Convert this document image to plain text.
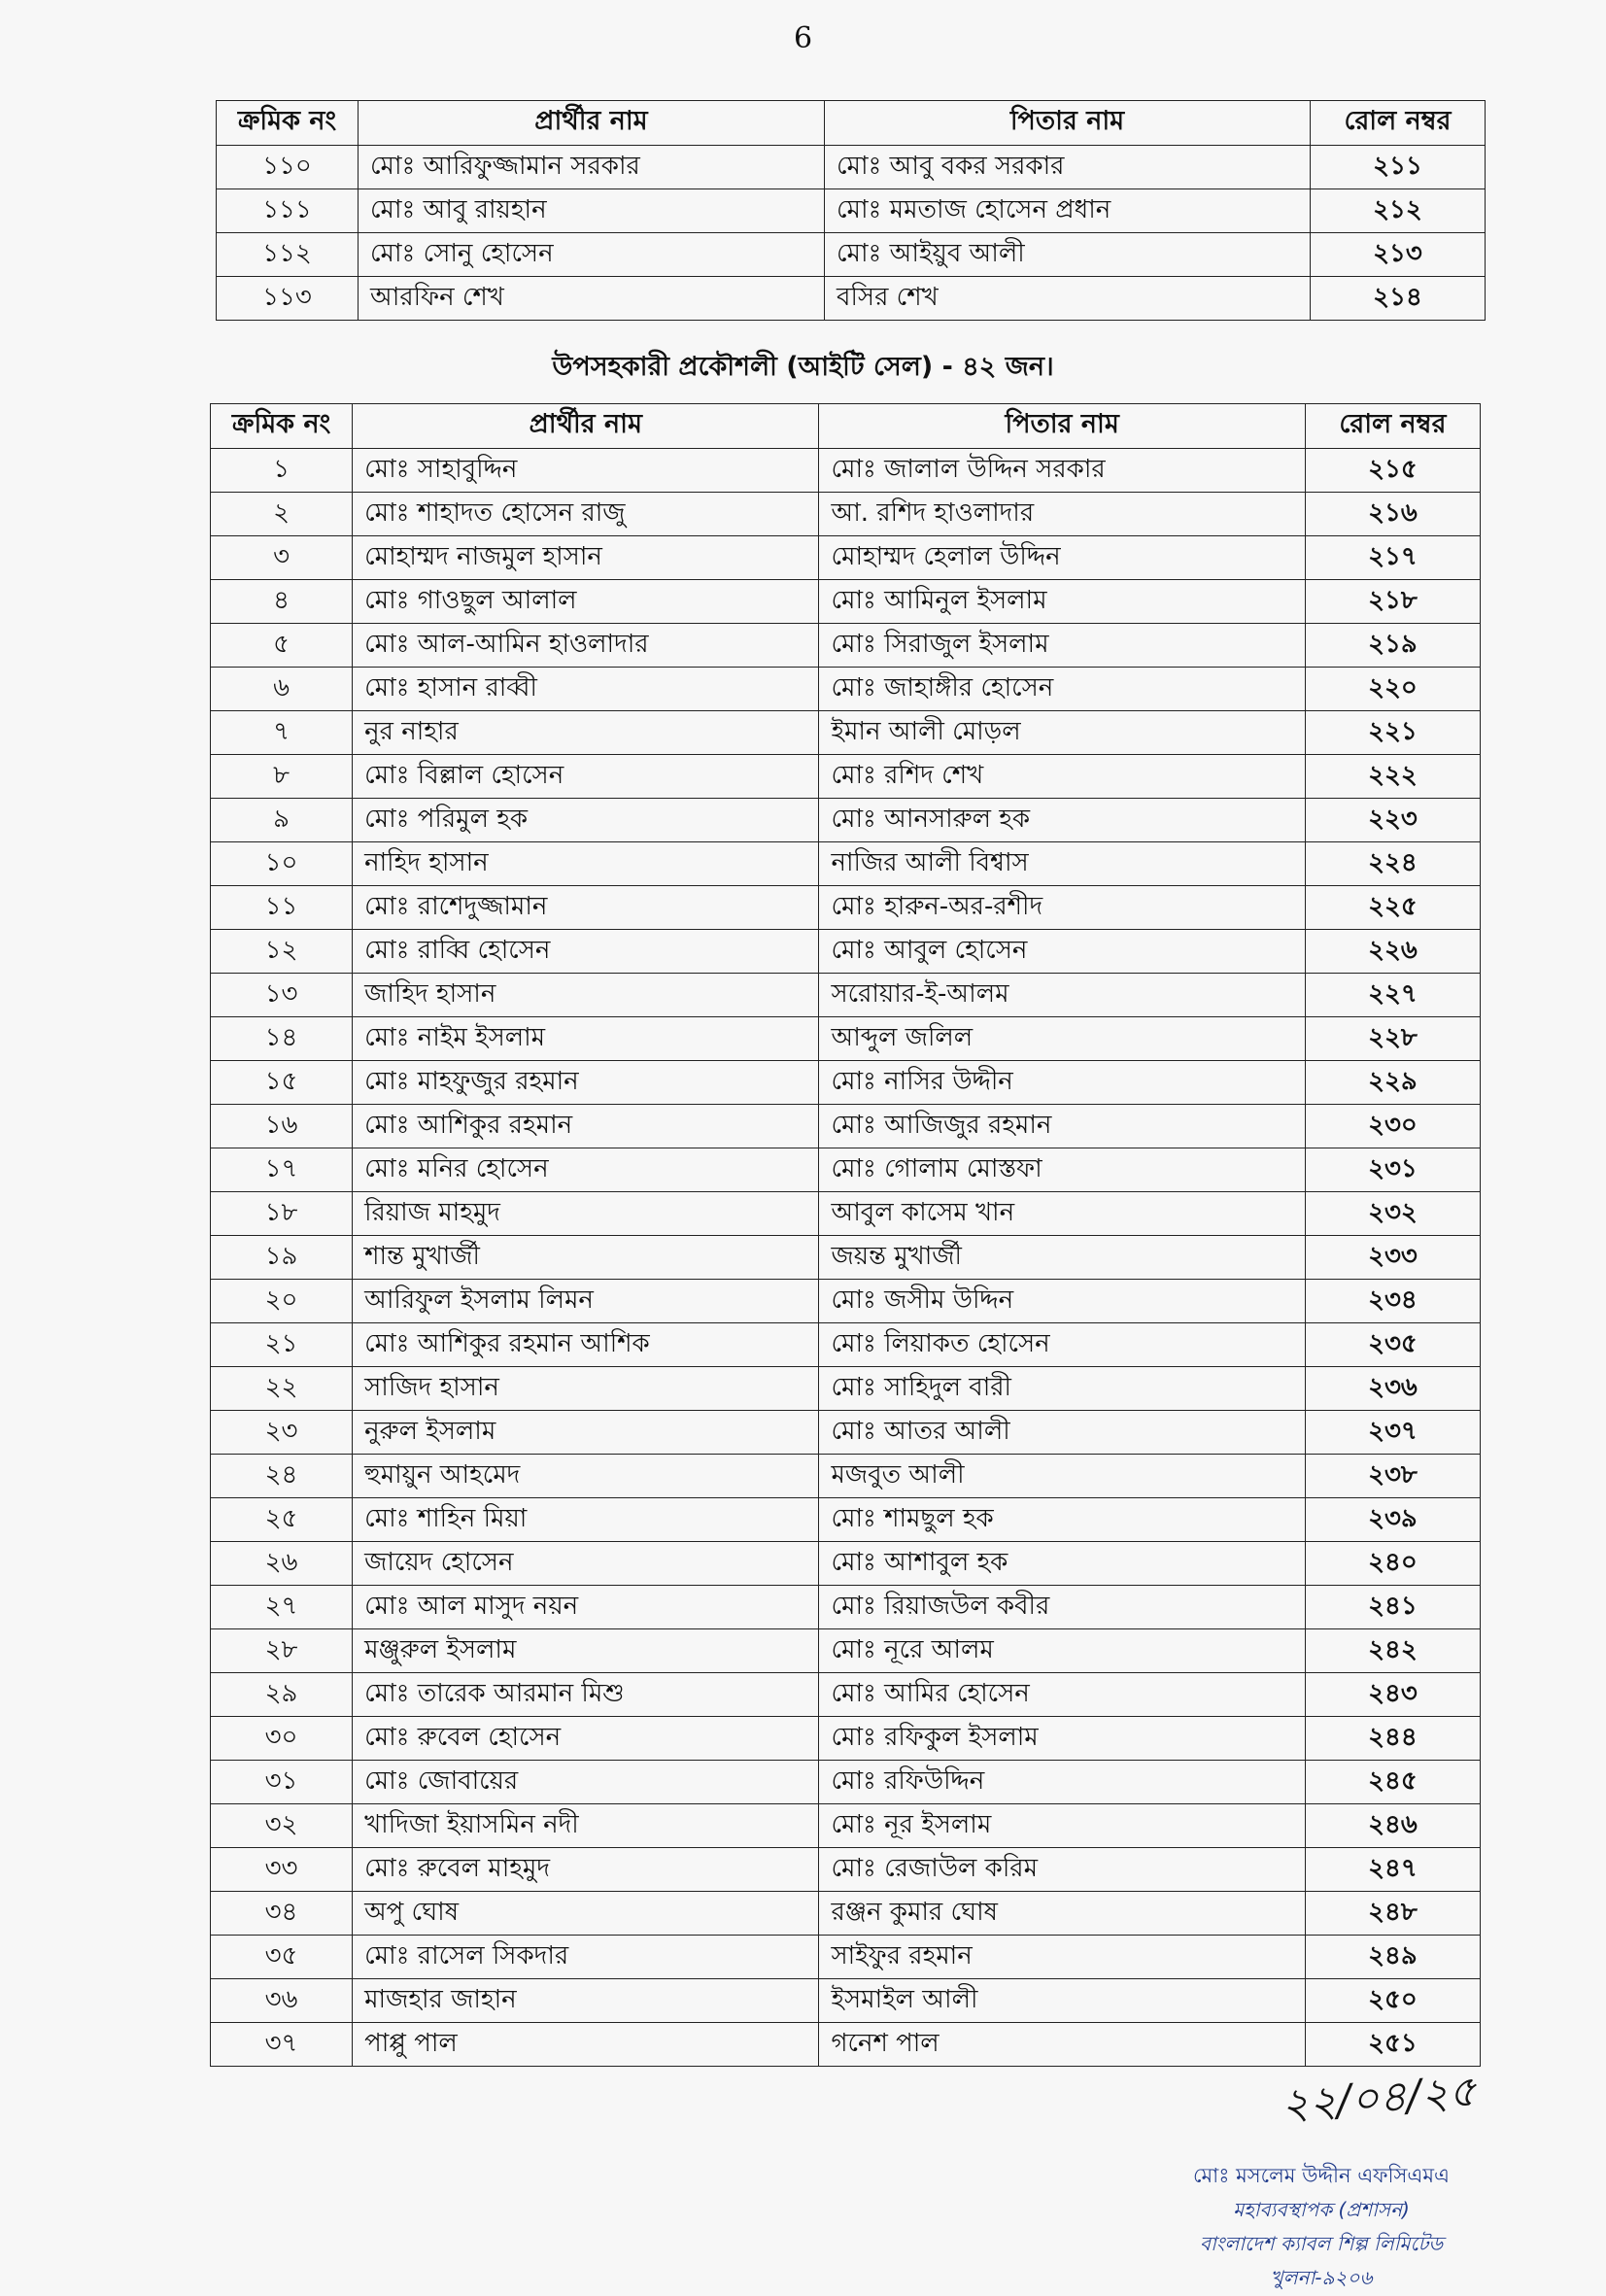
6
ক্রমিক নং	প্রার্থীর নাম	পিতার নাম	রোল নম্বর
১১০	মোঃ আরিফুজ্জামান সরকার	মোঃ আবু বকর সরকার	২১১
১১১	মোঃ আবু রায়হান	মোঃ মমতাজ হোসেন প্রধান	২১২
১১২	মোঃ সোনু হোসেন	মোঃ আইয়ুব আলী	২১৩
১১৩	আরফিন শেখ	বসির শেখ	২১৪
উপসহকারী প্রকৌশলী (আইটি সেল) - ৪২ জন।
ক্রমিক নং	প্রার্থীর নাম	পিতার নাম	রোল নম্বর
১	মোঃ সাহাবুদ্দিন	মোঃ জালাল উদ্দিন সরকার	২১৫
২	মোঃ শাহাদত হোসেন রাজু	আ. রশিদ হাওলাদার	২১৬
৩	মোহাম্মদ নাজমুল হাসান	মোহাম্মদ হেলাল উদ্দিন	২১৭
৪	মোঃ গাওছুল আলাল	মোঃ আমিনুল ইসলাম	২১৮
৫	মোঃ আল-আমিন হাওলাদার	মোঃ সিরাজুল ইসলাম	২১৯
৬	মোঃ হাসান রাব্বী	মোঃ জাহাঙ্গীর হোসেন	২২০
৭	নুর নাহার	ইমান আলী মোড়ল	২২১
৮	মোঃ বিল্লাল হোসেন	মোঃ রশিদ শেখ	২২২
৯	মোঃ পরিমুল হক	মোঃ আনসারুল হক	২২৩
১০	নাহিদ হাসান	নাজির আলী বিশ্বাস	২২৪
১১	মোঃ রাশেদুজ্জামান	মোঃ হারুন-অর-রশীদ	২২৫
১২	মোঃ রাব্বি হোসেন	মোঃ আবুল হোসেন	২২৬
১৩	জাহিদ হাসান	সরোয়ার-ই-আলম	২২৭
১৪	মোঃ নাইম ইসলাম	আব্দুল জলিল	২২৮
১৫	মোঃ মাহফুজুর রহমান	মোঃ নাসির উদ্দীন	২২৯
১৬	মোঃ আশিকুর রহমান	মোঃ আজিজুর রহমান	২৩০
১৭	মোঃ মনির হোসেন	মোঃ গোলাম মোস্তফা	২৩১
১৮	রিয়াজ মাহমুদ	আবুল কাসেম খান	২৩২
১৯	শান্ত মুখার্জী	জয়ন্ত মুখার্জী	২৩৩
২০	আরিফুল ইসলাম লিমন	মোঃ জসীম উদ্দিন	২৩৪
২১	মোঃ আশিকুর রহমান আশিক	মোঃ লিয়াকত হোসেন	২৩৫
২২	সাজিদ হাসান	মোঃ সাহিদুল বারী	২৩৬
২৩	নুরুল ইসলাম	মোঃ আতর আলী	২৩৭
২৪	হুমায়ুন আহমেদ	মজবুত আলী	২৩৮
২৫	মোঃ শাহিন মিয়া	মোঃ শামছুল হক	২৩৯
২৬	জায়েদ হোসেন	মোঃ আশাবুল হক	২৪০
২৭	মোঃ আল মাসুদ নয়ন	মোঃ রিয়াজউল কবীর	২৪১
২৮	মঞ্জুরুল ইসলাম	মোঃ নূরে আলম	২৪২
২৯	মোঃ তারেক আরমান মিশু	মোঃ আমির হোসেন	২৪৩
৩০	মোঃ রুবেল হোসেন	মোঃ রফিকুল ইসলাম	২৪৪
৩১	মোঃ জোবায়ের	মোঃ রফিউদ্দিন	২৪৫
৩২	খাদিজা ইয়াসমিন নদী	মোঃ নূর ইসলাম	২৪৬
৩৩	মোঃ রুবেল মাহমুদ	মোঃ রেজাউল করিম	২৪৭
৩৪	অপু ঘোষ	রঞ্জন কুমার ঘোষ	২৪৮
৩৫	মোঃ রাসেল সিকদার	সাইফুর রহমান	২৪৯
৩৬	মাজহার জাহান	ইসমাইল আলী	২৫০
৩৭	পাপ্পু পাল	গনেশ পাল	২৫১
২২/০৪/২৫
মোঃ মসলেম উদ্দীন এফসিএমএ
মহাব্যবস্থাপক (প্রশাসন)
বাংলাদেশ ক্যাবল শিল্প লিমিটেড
খুলনা-৯২০৬
